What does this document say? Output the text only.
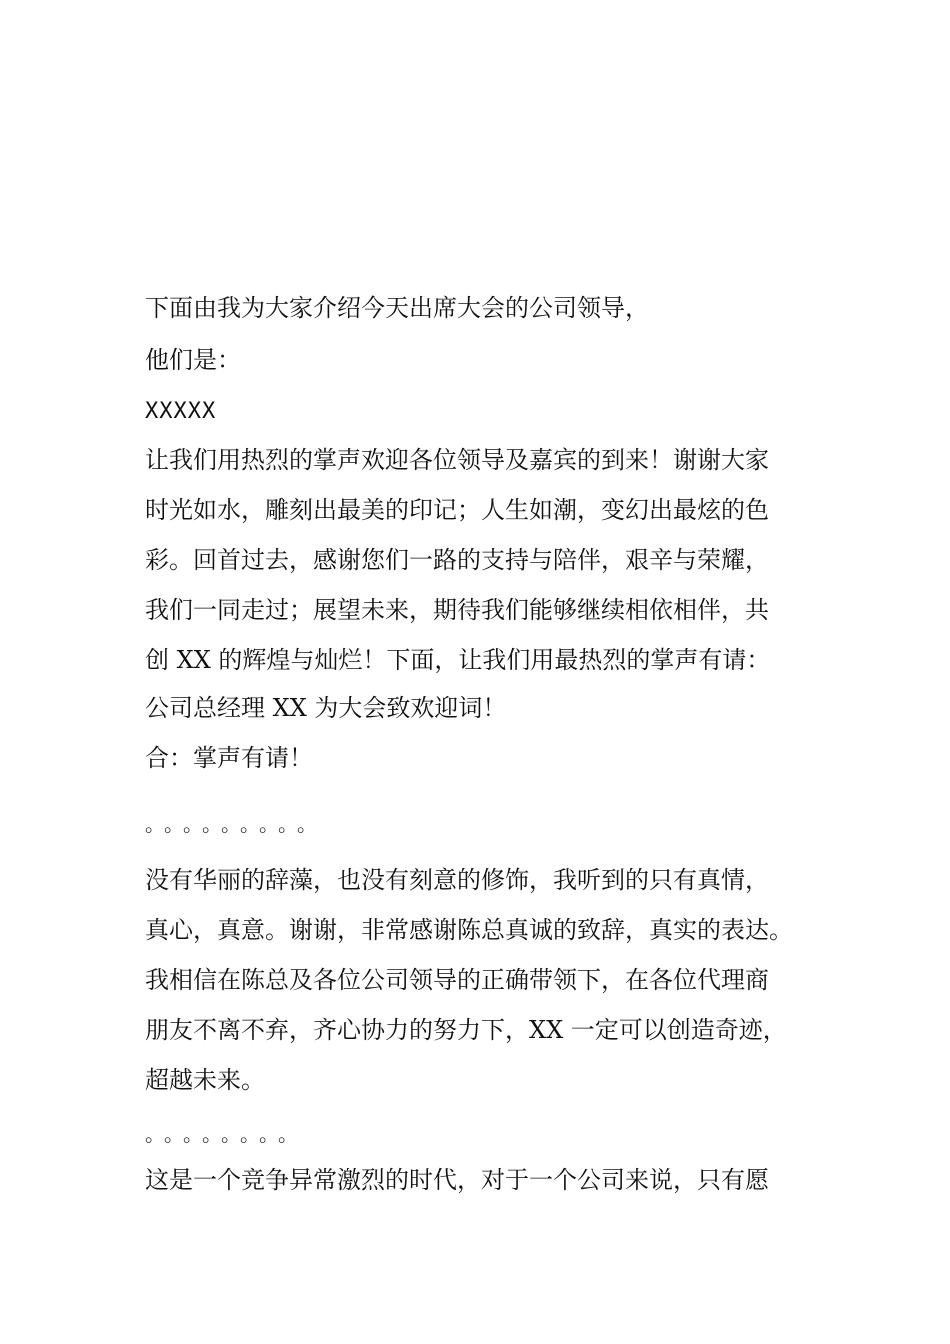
下面由我为大家介绍今天出席大会的公司领导，
他们是：
XXXXX
让我们用热烈的掌声欢迎各位领导及嘉宾的到来！谢谢大家
时光如水，雕刻出最美的印记；人生如潮，变幻出最炫的色
彩。回首过去，感谢您们一路的支持与陪伴，艰辛与荣耀，
我们一同走过；展望未来，期待我们能够继续相依相伴，共
创 XX 的辉煌与灿烂！下面，让我们用最热烈的掌声有请：
公司总经理 XX 为大会致欢迎词！
合：掌声有请！
。。。。。。。。。
没有华丽的辞藻，也没有刻意的修饰，我听到的只有真情，
真心，真意。谢谢，非常感谢陈总真诚的致辞，真实的表达。
我相信在陈总及各位公司领导的正确带领下，在各位代理商
朋友不离不弃，齐心协力的努力下，XX 一定可以创造奇迹，
超越未来。
。。。。。。。。
这是一个竞争异常激烈的时代，对于一个公司来说，只有愿
